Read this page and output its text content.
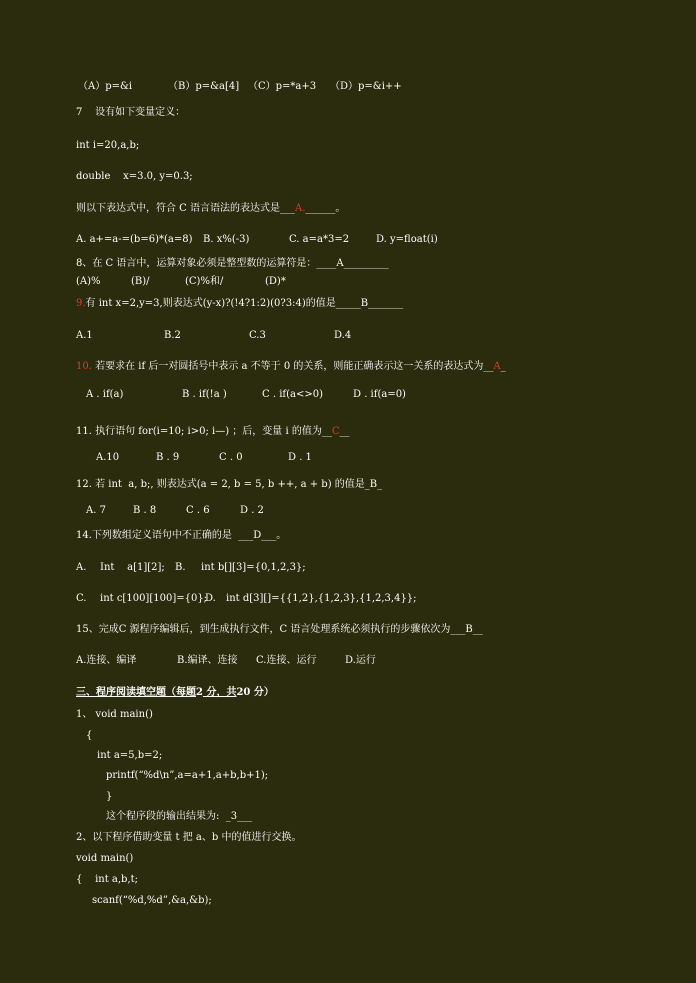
（A）p=&i	（B）p=&a[4] （C）p=*a+3 （D）p=&i++
7    设有如下变量定义：
int i=20,a,b;
double    x=3.0, y=0.3;
则以下表达式中，符合 C 语言语法的表达式是___A.______。
A. a+=a-=(b=6)*(a=8) B. x%(-3)	C. a=a*3=2	D. y=float(i)
8、在 C 语言中，运算对象必须是整型数的运算符是：____A_________
(A)%	(B)/	(C)%和/	(D)*
9.有 int x=2,y=3,则表达式(y-x)?(!4?1:2)(0?3:4)的值是_____B_______
A.1	B.2	C.3	D.4
10. 若要求在 if 后一对圆括号中表示 a 不等于 0 的关系，则能正确表示这一关系的表达式为__A_
A . if(a)	B . if(!a )	C . if(a<>0)	D . if(a=0)
11. 执行语句 for(i=10; i>0; i—) ；后，变量 i 的值为__C__
A.10	B . 9	C . 0	D . 1
12. 若 int  a, b;, 则表达式(a = 2, b = 5, b ++, a + b) 的值是_B_
A. 7	B . 8	C . 6	D . 2
14.下列数组定义语句中不正确的是  ___D___。
A. Int    a[1][2]; B. int b[][3]={0,1,2,3};
C. int c[100][100]={0};
D. int d[3][]={{1,2},{1,2,3},{1,2,3,4}};
15、完成C 源程序编辑后，到生成执行文件，C 语言处理系统必须执行的步骤依次为___B__
A.连接、编译	B.编译、连接 C.连接、运行	D.运行
三、程序阅读填空题（每题2 分，共20 分）
1、 void main()
{
int a=5,b=2;
printf(“%d\n”,a=a+1,a+b,b+1);
}
这个程序段的输出结果为:  _3___
2、以下程序借助变量 t 把 a、b 中的值进行交换。
void main()
{    int a,b,t;
scanf(“%d,%d”,&a,&b);
